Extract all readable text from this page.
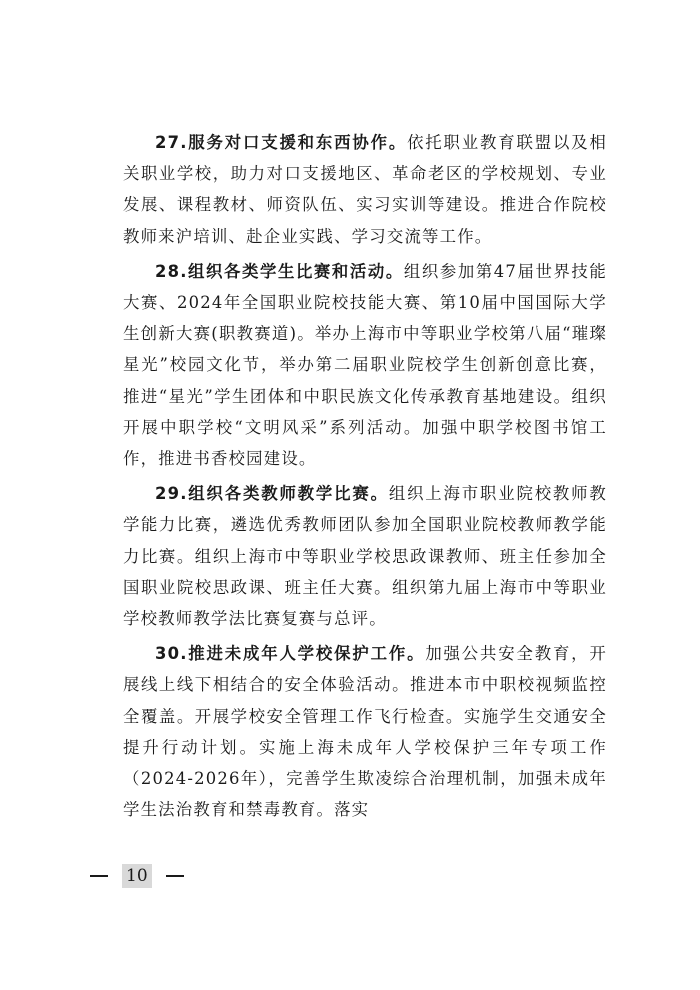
27.服务对口支援和东西协作。依托职业教育联盟以及相关职业学校，助力对口支援地区、革命老区的学校规划、专业发展、课程教材、师资队伍、实习实训等建设。推进合作院校教师来沪培训、赴企业实践、学习交流等工作。

28.组织各类学生比赛和活动。组织参加第47届世界技能大赛、2024年全国职业院校技能大赛、第10届中国国际大学生创新大赛(职教赛道)。举办上海市中等职业学校第八届“璀璨星光”校园文化节，举办第二届职业院校学生创新创意比赛，推进“星光”学生团体和中职民族文化传承教育基地建设。组织开展中职学校“文明风采”系列活动。加强中职学校图书馆工作，推进书香校园建设。

29.组织各类教师教学比赛。组织上海市职业院校教师教学能力比赛，遴选优秀教师团队参加全国职业院校教师教学能力比赛。组织上海市中等职业学校思政课教师、班主任参加全国职业院校思政课、班主任大赛。组织第九届上海市中等职业学校教师教学法比赛复赛与总评。

30.推进未成年人学校保护工作。加强公共安全教育，开展线上线下相结合的安全体验活动。推进本市中职校视频监控全覆盖。开展学校安全管理工作飞行检查。实施学生交通安全提升行动计划。实施上海未成年人学校保护三年专项工作（2024-2026年），完善学生欺凌综合治理机制，加强未成年学生法治教育和禁毒教育。落实

10
